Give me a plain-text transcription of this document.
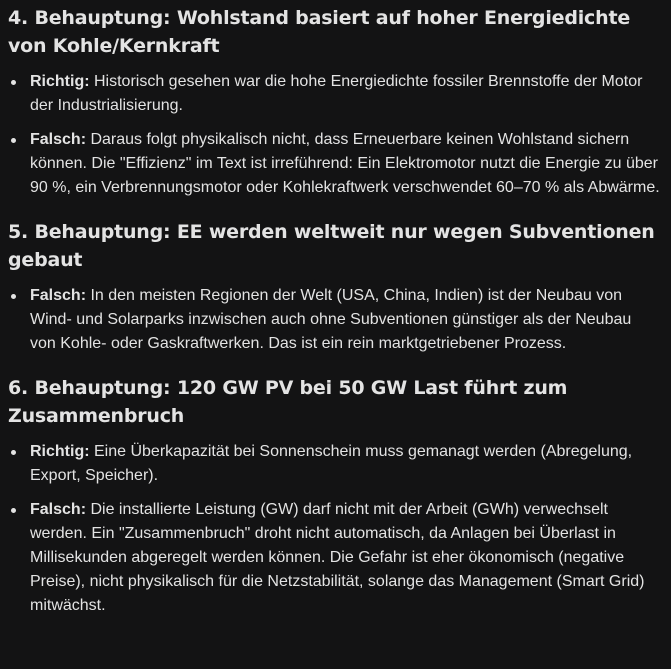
4. Behauptung: Wohlstand basiert auf hoher Energiedichte von Kohle/Kernkraft
Richtig: Historisch gesehen war die hohe Energiedichte fossiler Brennstoffe der Motor der Industrialisierung.
Falsch: Daraus folgt physikalisch nicht, dass Erneuerbare keinen Wohlstand sichern können. Die "Effizienz" im Text ist irreführend: Ein Elektromotor nutzt die Energie zu über 90 %, ein Verbrennungsmotor oder Kohlekraftwerk verschwendet 60–70 % als Abwärme.
5. Behauptung: EE werden weltweit nur wegen Subventionen gebaut
Falsch: In den meisten Regionen der Welt (USA, China, Indien) ist der Neubau von Wind- und Solarparks inzwischen auch ohne Subventionen günstiger als der Neubau von Kohle- oder Gaskraftwerken. Das ist ein rein marktgetriebener Prozess.
6. Behauptung: 120 GW PV bei 50 GW Last führt zum Zusammenbruch
Richtig: Eine Überkapazität bei Sonnenschein muss gemanagt werden (Abregelung, Export, Speicher).
Falsch: Die installierte Leistung (GW) darf nicht mit der Arbeit (GWh) verwechselt werden. Ein "Zusammenbruch" droht nicht automatisch, da Anlagen bei Überlast in Millisekunden abgeregelt werden können. Die Gefahr ist eher ökonomisch (negative Preise), nicht physikalisch für die Netzstabilität, solange das Management (Smart Grid) mitwächst.
